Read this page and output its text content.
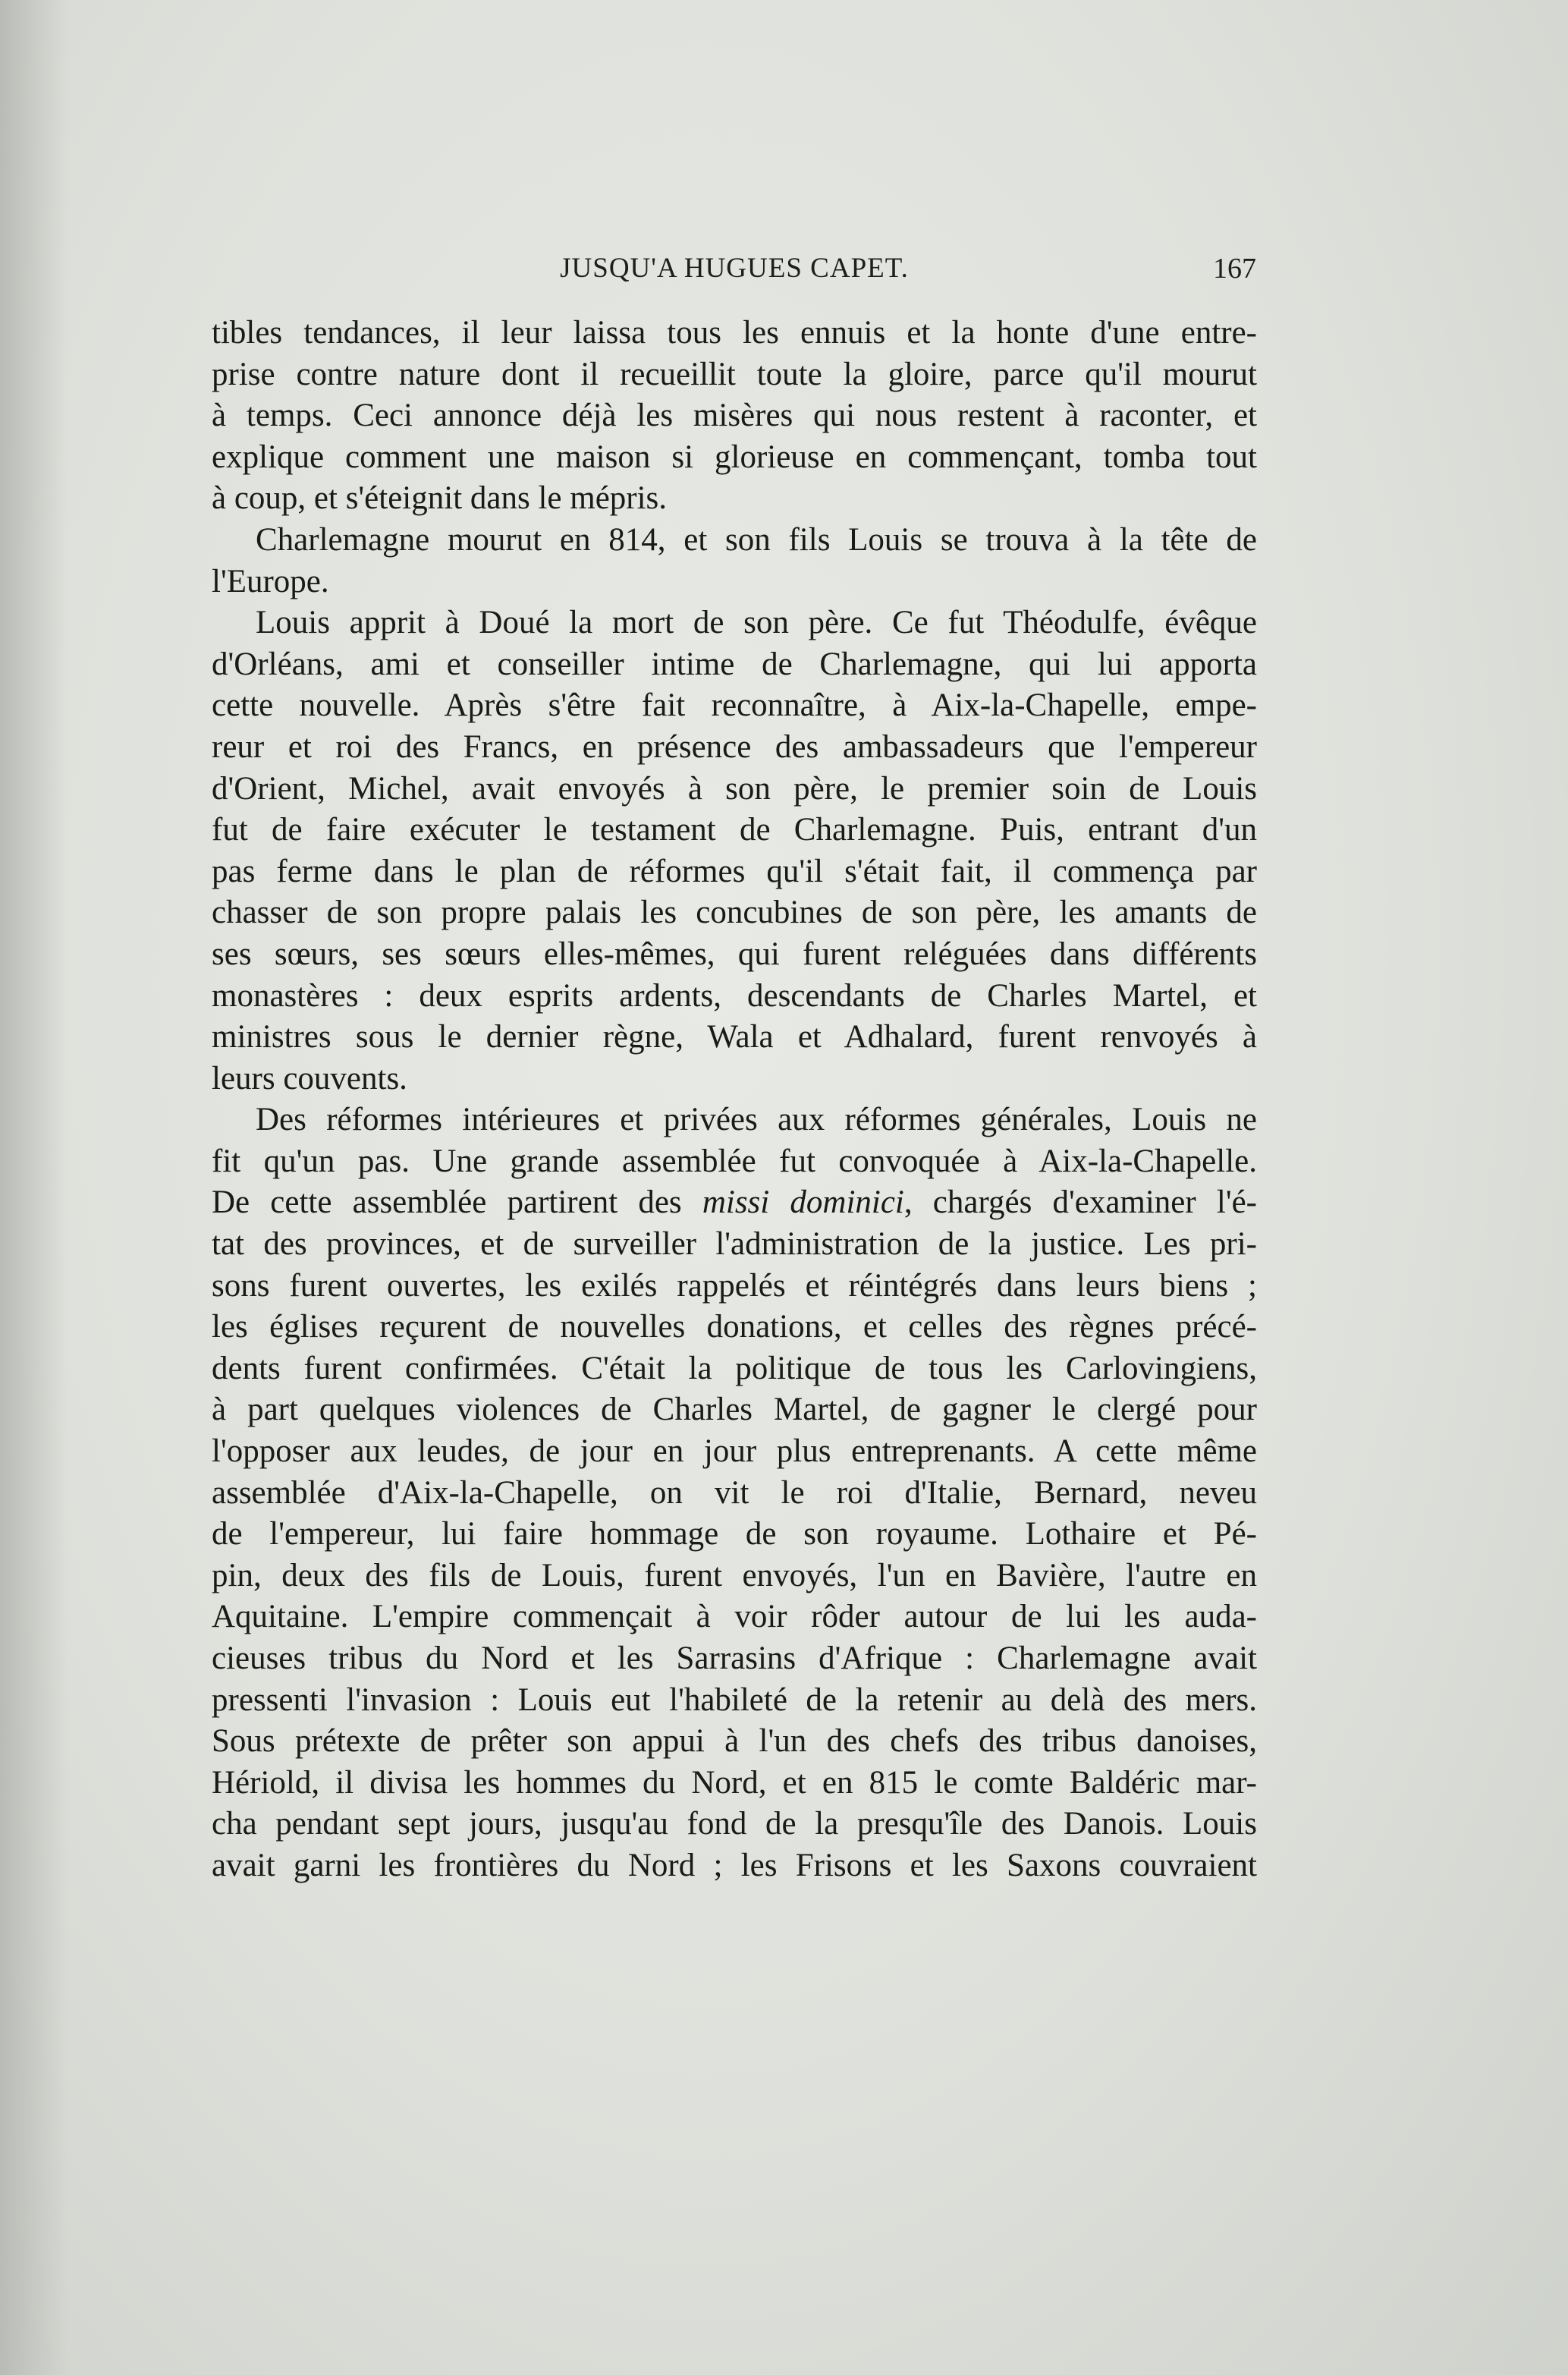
JUSQU'A HUGUES CAPET.	167
tibles tendances, il leur laissa tous les ennuis et la honte d'une entre-
prise contre nature dont il recueillit toute la gloire, parce qu'il mourut
à temps. Ceci annonce déjà les misères qui nous restent à raconter, et
explique comment une maison si glorieuse en commençant, tomba tout
à coup, et s'éteignit dans le mépris.
Charlemagne mourut en 814, et son fils Louis se trouva à la tête de
l'Europe.
Louis apprit à Doué la mort de son père. Ce fut Théodulfe, évêque
d'Orléans, ami et conseiller intime de Charlemagne, qui lui apporta
cette nouvelle. Après s'être fait reconnaître, à Aix-la-Chapelle, empe-
reur et roi des Francs, en présence des ambassadeurs que l'empereur
d'Orient, Michel, avait envoyés à son père, le premier soin de Louis
fut de faire exécuter le testament de Charlemagne. Puis, entrant d'un
pas ferme dans le plan de réformes qu'il s'était fait, il commença par
chasser de son propre palais les concubines de son père, les amants de
ses sœurs, ses sœurs elles-mêmes, qui furent reléguées dans différents
monastères : deux esprits ardents, descendants de Charles Martel, et
ministres sous le dernier règne, Wala et Adhalard, furent renvoyés à
leurs couvents.
Des réformes intérieures et privées aux réformes générales, Louis ne
fit qu'un pas. Une grande assemblée fut convoquée à Aix-la-Chapelle.
De cette assemblée partirent des missi dominici, chargés d'examiner l'é-
tat des provinces, et de surveiller l'administration de la justice. Les pri-
sons furent ouvertes, les exilés rappelés et réintégrés dans leurs biens ;
les églises reçurent de nouvelles donations, et celles des règnes précé-
dents furent confirmées. C'était la politique de tous les Carlovingiens,
à part quelques violences de Charles Martel, de gagner le clergé pour
l'opposer aux leudes, de jour en jour plus entreprenants. A cette même
assemblée d'Aix-la-Chapelle, on vit le roi d'Italie, Bernard, neveu
de l'empereur, lui faire hommage de son royaume. Lothaire et Pé-
pin, deux des fils de Louis, furent envoyés, l'un en Bavière, l'autre en
Aquitaine. L'empire commençait à voir rôder autour de lui les auda-
cieuses tribus du Nord et les Sarrasins d'Afrique : Charlemagne avait
pressenti l'invasion : Louis eut l'habileté de la retenir au delà des mers.
Sous prétexte de prêter son appui à l'un des chefs des tribus danoises,
Hériold, il divisa les hommes du Nord, et en 815 le comte Baldéric mar-
cha pendant sept jours, jusqu'au fond de la presqu'île des Danois. Louis
avait garni les frontières du Nord ; les Frisons et les Saxons couvraient
